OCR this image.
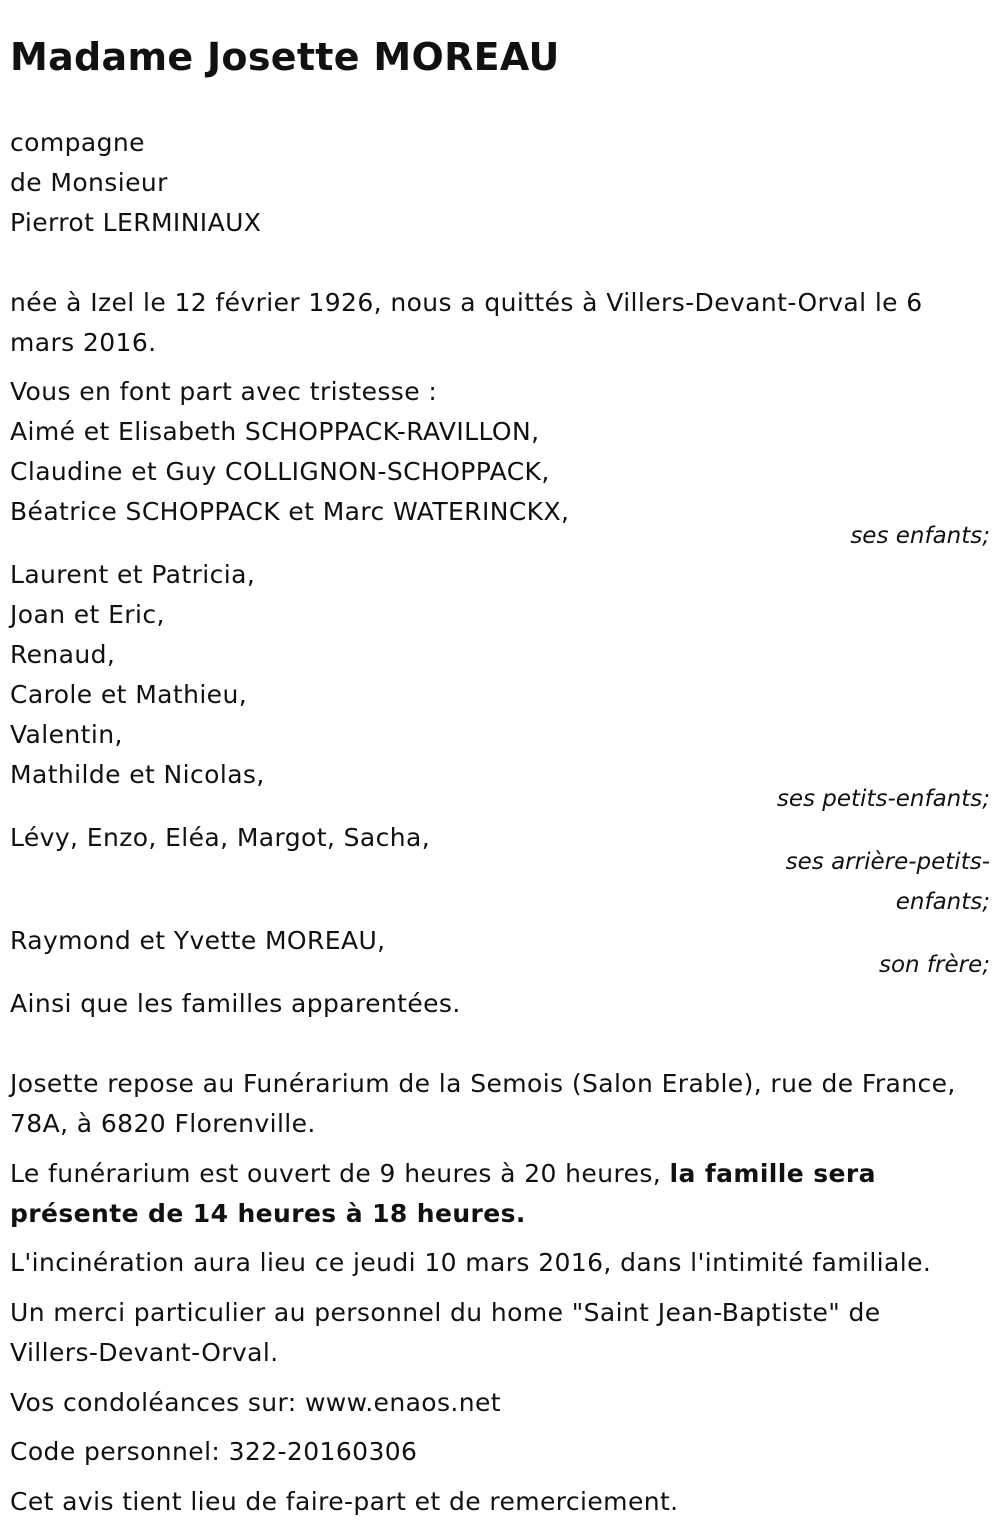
Madame Josette MOREAU
compagne
de Monsieur
Pierrot LERMINIAUX
née à Izel le 12 février 1926, nous a quittés à Villers-Devant-Orval le 6
mars 2016.
Vous en font part avec tristesse :
Aimé et Elisabeth SCHOPPACK-RAVILLON,
Claudine et Guy COLLIGNON-SCHOPPACK,
Béatrice SCHOPPACK et Marc WATERINCKX,
ses enfants;
Laurent et Patricia,
Joan et Eric,
Renaud,
Carole et Mathieu,
Valentin,
Mathilde et Nicolas,
ses petits-enfants;
Lévy, Enzo, Eléa, Margot, Sacha,
ses arrière-petits-
enfants;
Raymond et Yvette MOREAU,
son frère;
Ainsi que les familles apparentées.
Josette repose au Funérarium de la Semois (Salon Erable), rue de France,
78A, à 6820 Florenville.
Le funérarium est ouvert de 9 heures à 20 heures, la famille sera
présente de 14 heures à 18 heures.
L'incinération aura lieu ce jeudi 10 mars 2016, dans l'intimité familiale.
Un merci particulier au personnel du home "Saint Jean-Baptiste" de
Villers-Devant-Orval.
Vos condoléances sur: www.enaos.net
Code personnel: 322-20160306
Cet avis tient lieu de faire-part et de remerciement.
